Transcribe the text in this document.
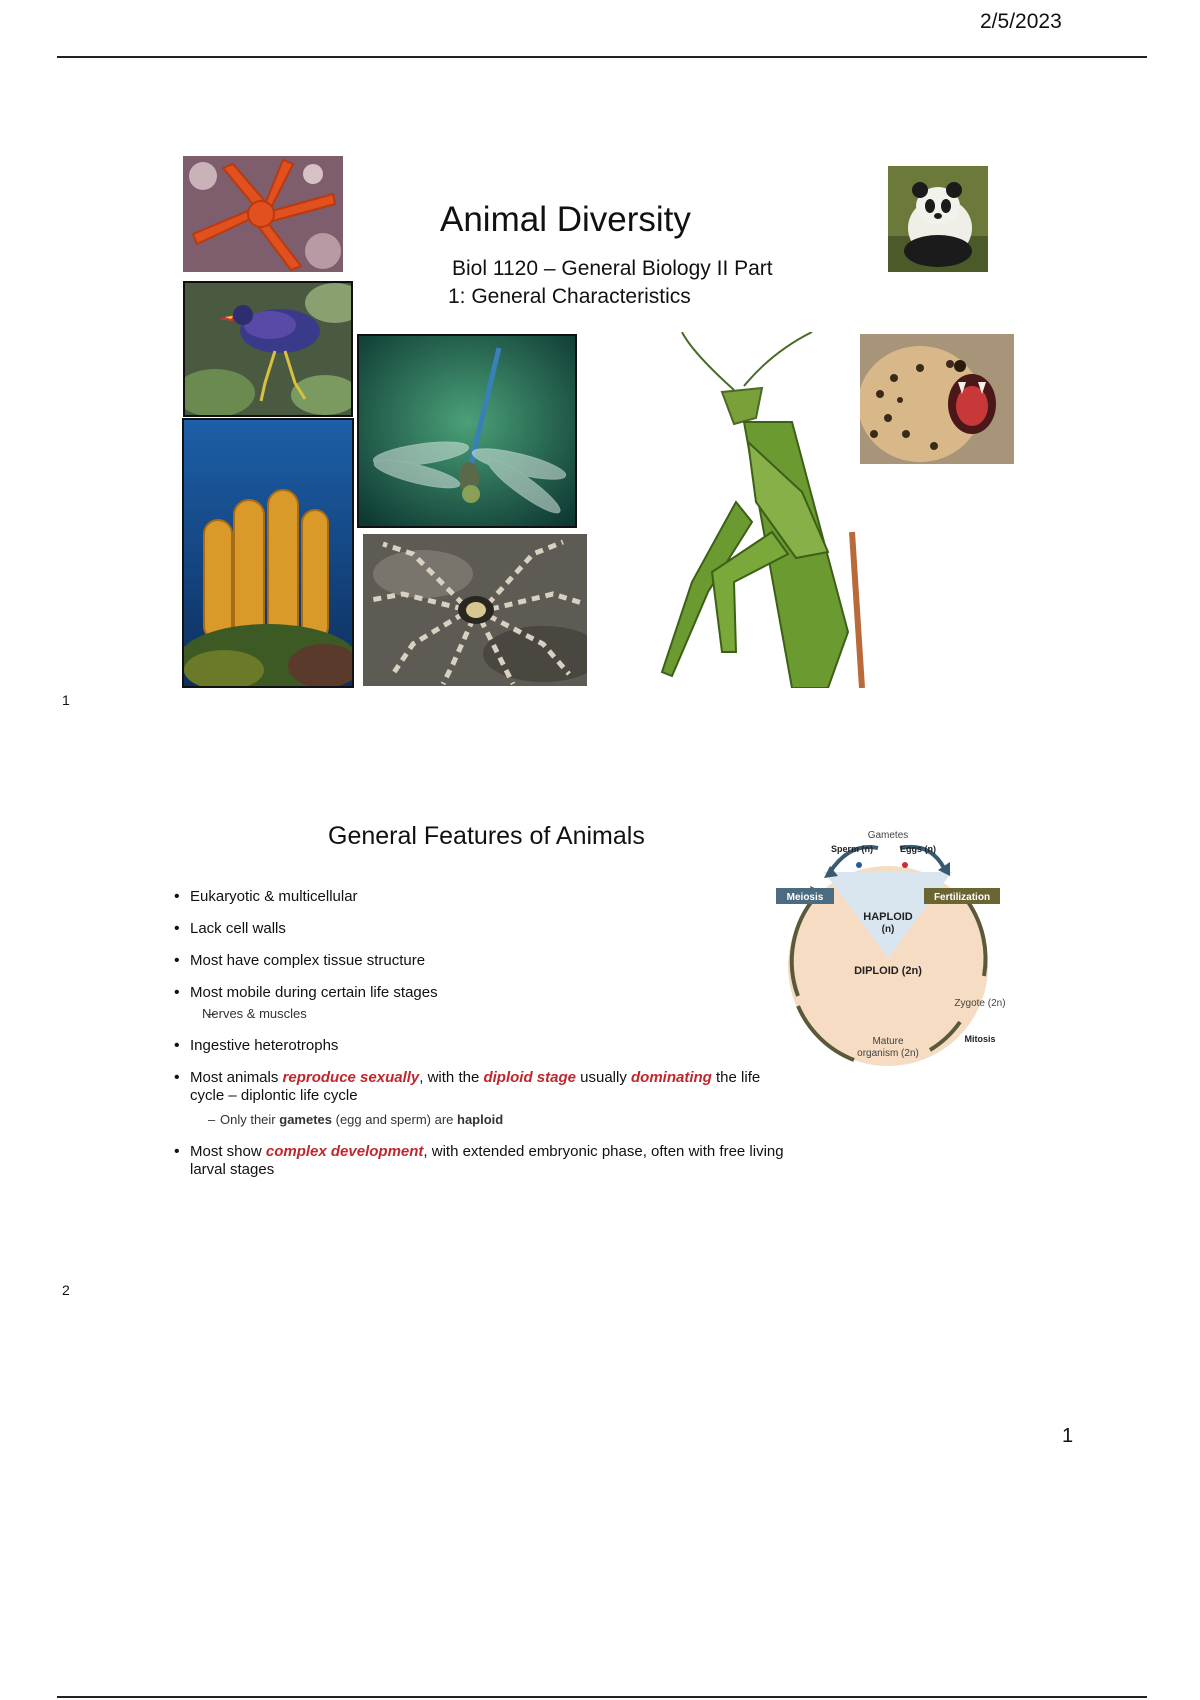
2/5/2023
1
Animal Diversity
Biol 1120 – General Biology II Part
1: General Characteristics
2
General Features of Animals
• Eukaryotic & multicellular
• Lack cell walls
• Most have complex tissue structure
• Most mobile during certain life stages
– Nerves & muscles
• Ingestive heterotrophs
• Most animals reproduce sexually, with the diploid stage usually dominating the life cycle – diplontic life cycle
– Only their gametes (egg and sperm) are haploid
• Most show complex development, with extended embryonic phase, often with free living larval stages
Gametes
Sperm (n)	Eggs (n)
Meiosis	Fertilization
HAPLOID
(n)
DIPLOID (2n)
Zygote (2n)
Mitosis
Mature
organism (2n)
1
